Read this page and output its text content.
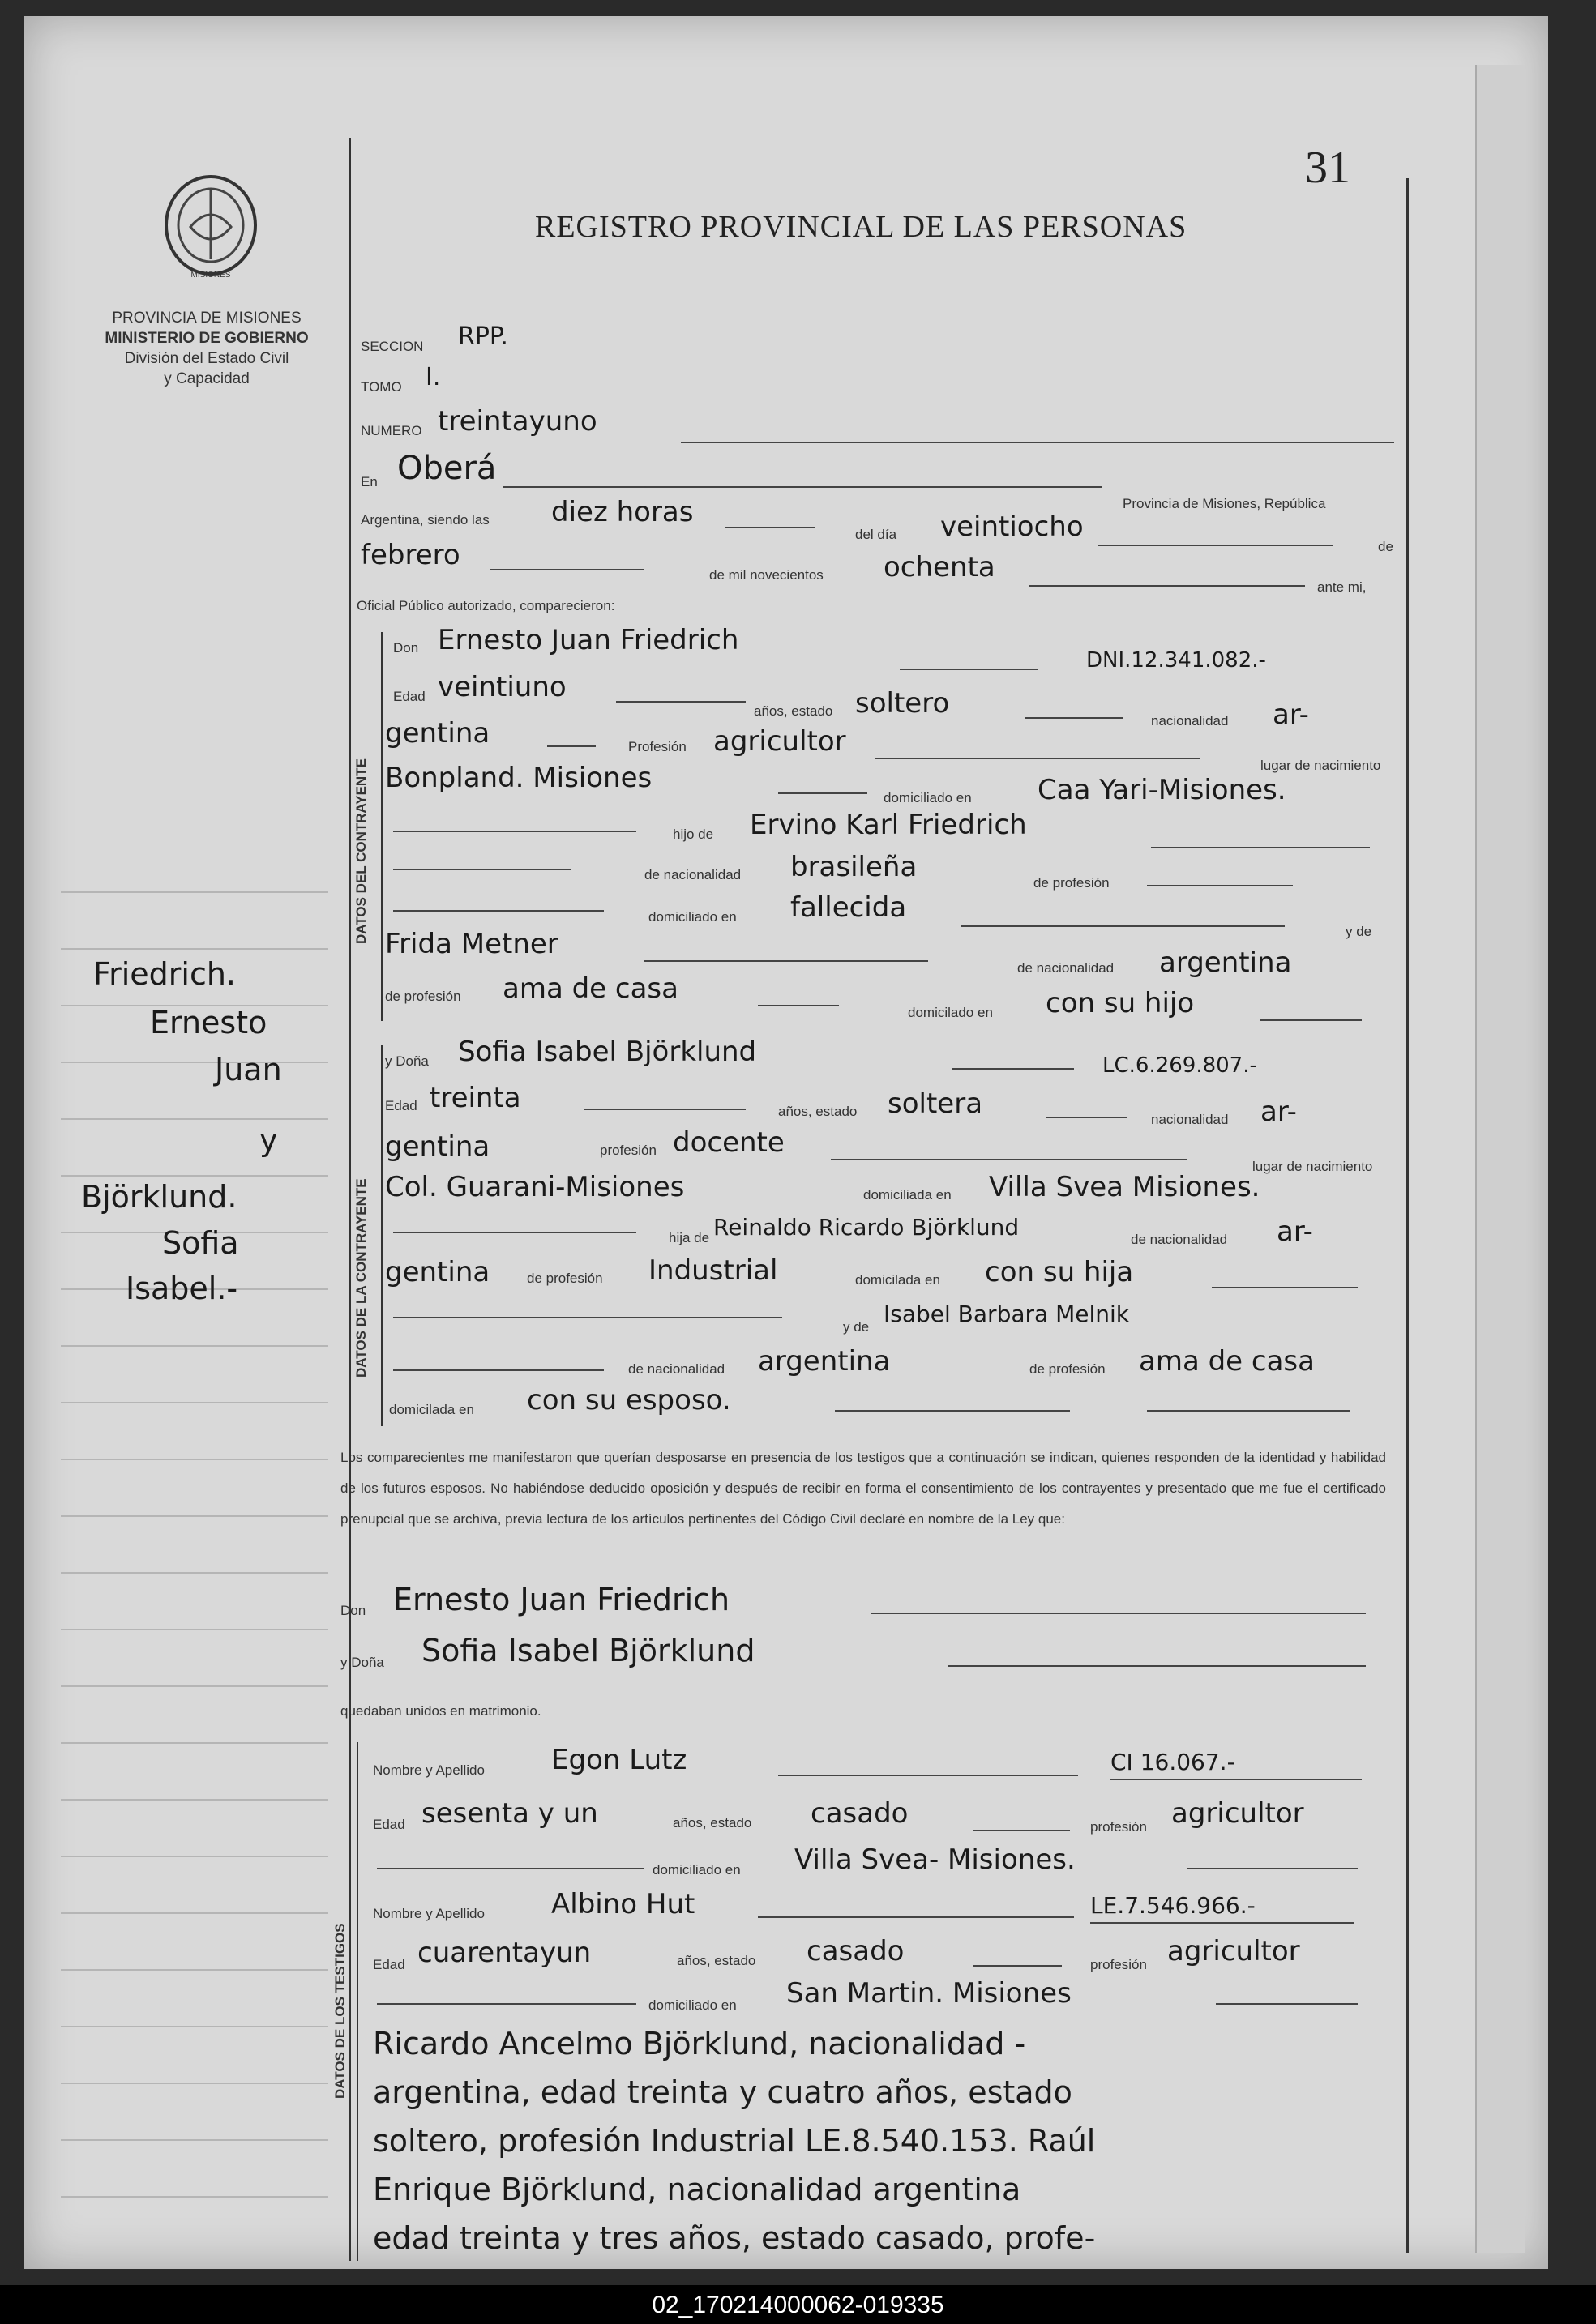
MISIONES
PROVINCIA DE MISIONES
MINISTERIO DE GOBIERNO
División del Estado Civil
y Capacidad
31
REGISTRO PROVINCIAL DE LAS PERSONAS
SECCION RPP.
TOMO I.
NUMERO treintayuno
En Oberá
Provincia de Misiones, República
Argentina, siendo las diez horas
del día veintiocho
de
febrero
de mil novecientos ochenta
ante mi,
Oficial Público autorizado, comparecieron:
DATOS DEL CONTRAYENTE
Don Ernesto Juan Friedrich
DNI.12.341.082.-
Edad veintiuno
años, estado soltero
nacionalidad ar-
gentina	Profesión agricultor
lugar de nacimiento
Bonpland. Misiones
domiciliado en Caa Yari-Misiones.
hijo de Ervino Karl Friedrich
de nacionalidad brasileña	de profesión
domiciliado en fallecida
y de
Frida Metner
de nacionalidad argentina
de profesión ama de casa
domicilado en con su hijo
DATOS DE LA CONTRAYENTE
y Doña Sofia Isabel Björklund	LC.6.269.807.-
Edad treinta	años, estado soltera	nacionalidad ar-
gentina	profesión docente
lugar de nacimiento
Col. Guarani-Misiones	domiciliada en Villa Svea Misiones.
hija de Reinaldo Ricardo Björklund	de nacionalidad ar-
gentina	de profesión Industrial	domicilada en con su hija
y de Isabel Barbara Melnik
de nacionalidad argentina	de profesión ama de casa
domicilada en con su esposo.
Los comparecientes me manifestaron que querían desposarse en presencia de los testigos que a continuación se indican, quienes responden de la identidad y habilidad de los futuros esposos. No habiéndose deducido oposición y después de recibir en forma el consentimiento de los contrayentes y presentado que me fue el certificado prenupcial que se archiva, previa lectura de los artículos pertinentes del Código Civil declaré en nombre de la Ley que:
Don Ernesto Juan Friedrich
y Doña Sofia Isabel Björklund
quedaban unidos en matrimonio.
DATOS DE LOS TESTIGOS
Nombre y Apellido Egon Lutz	CI 16.067.-
Edad sesenta y un	años, estado casado	profesión agricultor
domiciliado en Villa Svea- Misiones.
Nombre y Apellido Albino Hut	LE.7.546.966.-
Edad cuarentayun	años, estado casado	profesión agricultor
domiciliado en San Martin. Misiones
Ricardo Ancelmo Björklund, nacionalidad -
argentina, edad treinta y cuatro años, estado
soltero, profesión Industrial LE.8.540.153. Raúl
Enrique Björklund, nacionalidad argentina
edad treinta y tres años, estado casado, profe-
Friedrich.
Ernesto
Juan
y
Björklund.
Sofia
Isabel.-
02_170214000062-019335
